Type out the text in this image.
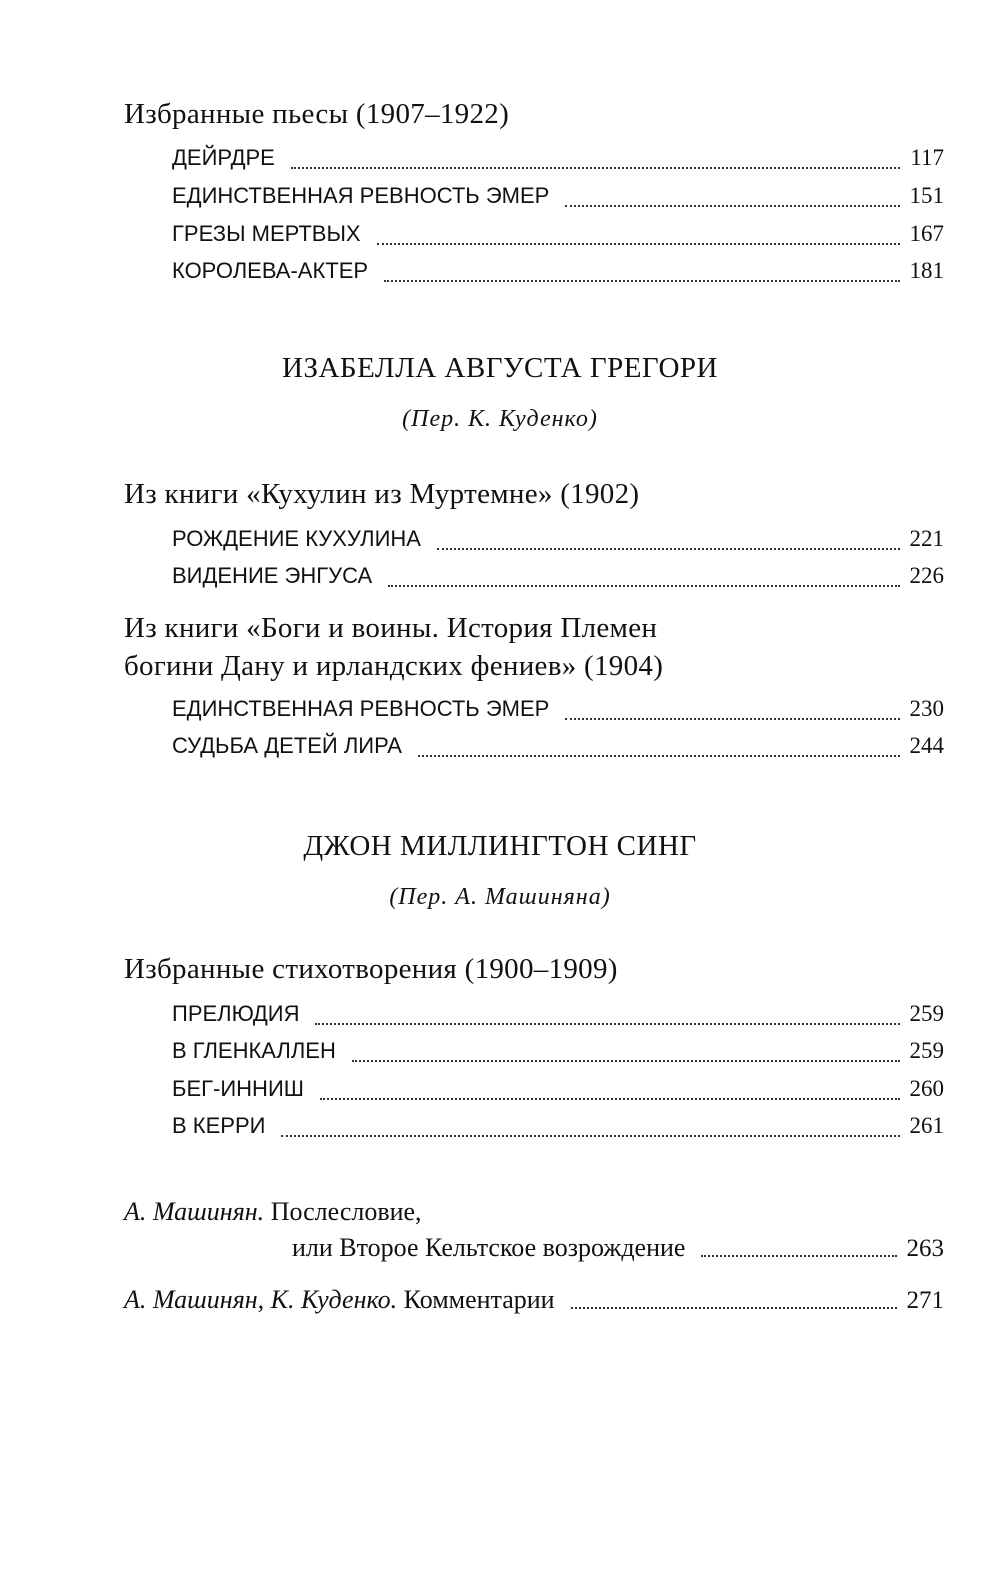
Избранные пьесы (1907–1922)
ДЕЙРДРЕ	117
ЕДИНСТВЕННАЯ РЕВНОСТЬ ЭМЕР	151
ГРЕЗЫ МЕРТВЫХ	167
КОРОЛЕВА-АКТЕР	181
ИЗАБЕЛЛА АВГУСТА ГРЕГОРИ
(Пер. К. Куденко)
Из книги «Кухулин из Муртемне» (1902)
РОЖДЕНИЕ КУХУЛИНА	221
ВИДЕНИЕ ЭНГУСА	226
Из книги «Боги и воины. История Племен
богини Дану и ирландских фениев» (1904)
ЕДИНСТВЕННАЯ РЕВНОСТЬ ЭМЕР	230
СУДЬБА ДЕТЕЙ ЛИРА	244
ДЖОН МИЛЛИНГТОН СИНГ
(Пер. А. Машиняна)
Избранные стихотворения (1900–1909)
ПРЕЛЮДИЯ	259
В ГЛЕНКАЛЛЕН	259
БЕГ-ИННИШ	260
В КЕРРИ	261
А. Машинян. Послесловие,
или Второе Кельтское возрождение	263
А. Машинян, К. Куденко. Комментарии	271
